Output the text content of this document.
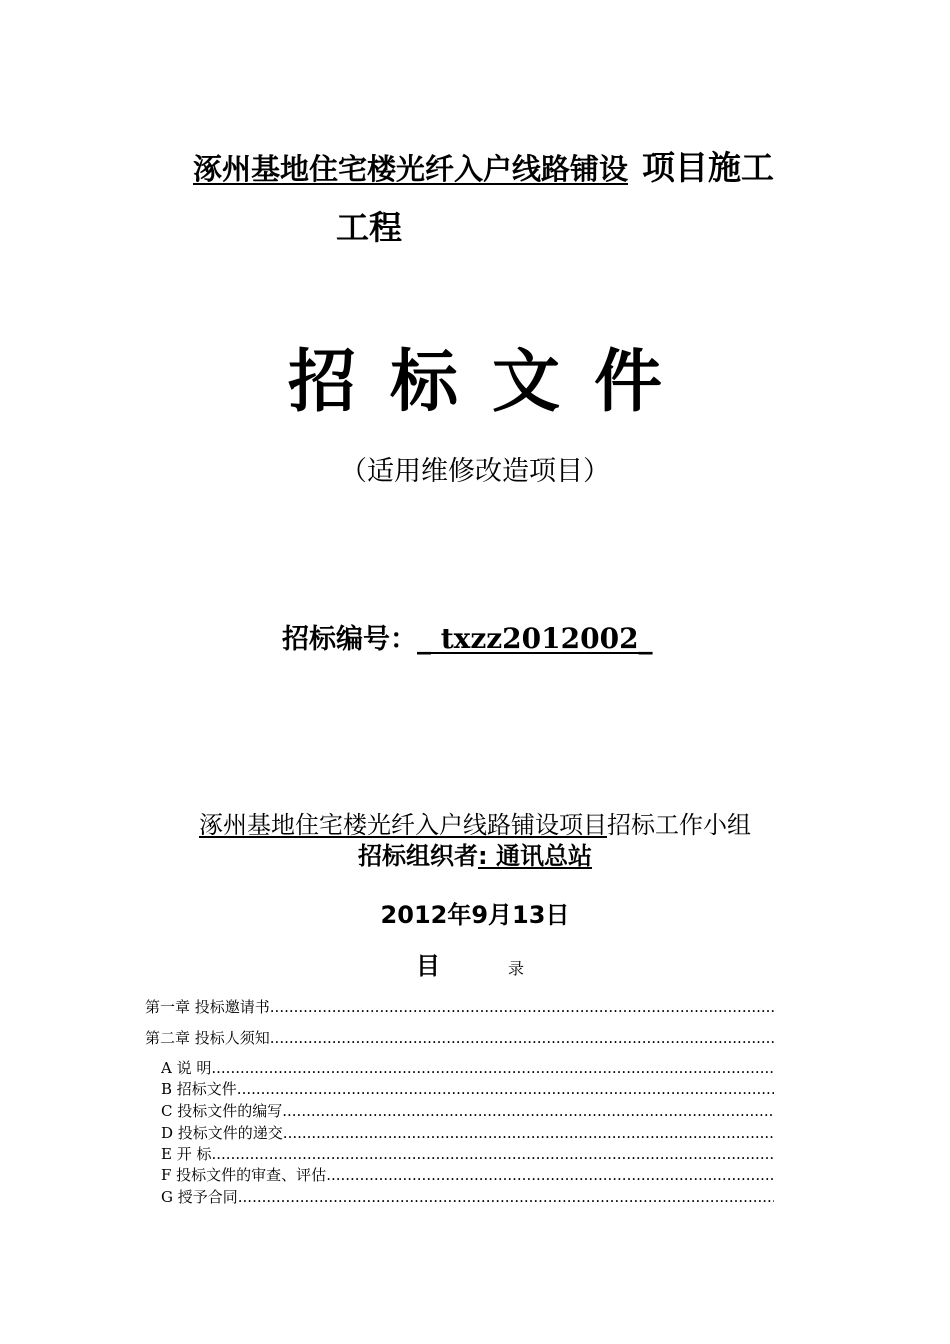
涿州基地住宅楼光纤入户线路铺设 项目施工
工程
招标文件
（适用维修改造项目）
招标编号：_ txzz2012002_
涿州基地住宅楼光纤入户线路铺设项目招标工作小组
招标组织者: 通讯总站
2012年9月13日
目	录
第一章 投标邀请书
.....
第二章 投标人须知
.....
A 说 明
.....
B 招标文件
.....
C 投标文件的编写
.....
D 投标文件的递交
.....
E 开 标
.....
F 投标文件的审查、评估
.....
G 授予合同
.....
